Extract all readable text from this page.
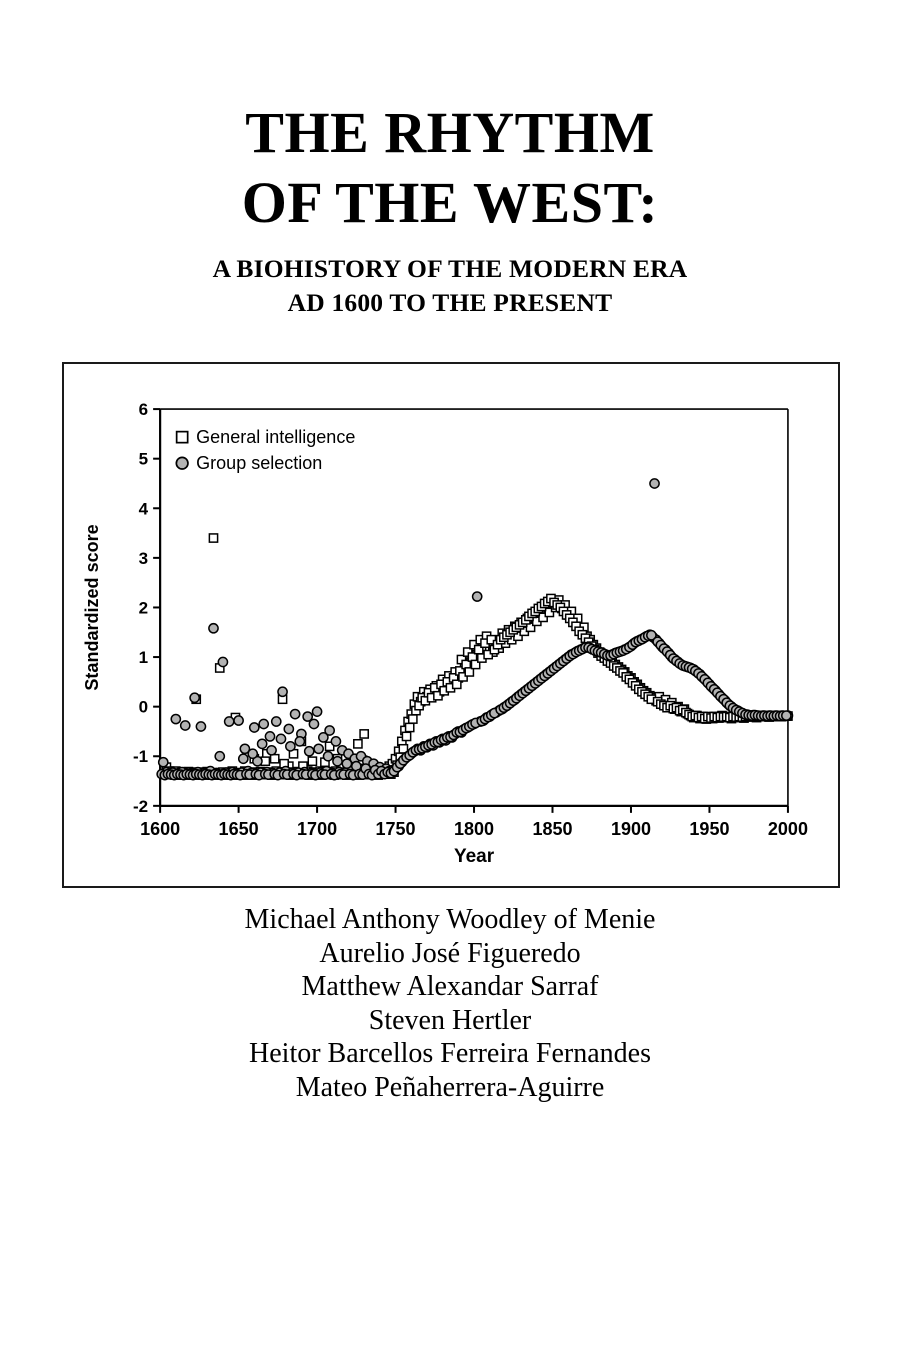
THE RHYTHM
OF THE WEST:
A BIOHISTORY OF THE MODERN ERA
AD 1600 TO THE PRESENT
-2
-1
0
1
2
3
4
5
6
1600 1650 1700 1750 1800 1850 1900 1950 2000
Year
Standardized score
General intelligence
Group selection
Michael Anthony Woodley of Menie
Aurelio José Figueredo
Matthew Alexandar Sarraf
Steven Hertler
Heitor Barcellos Ferreira Fernandes
Mateo Peñaherrera-Aguirre
